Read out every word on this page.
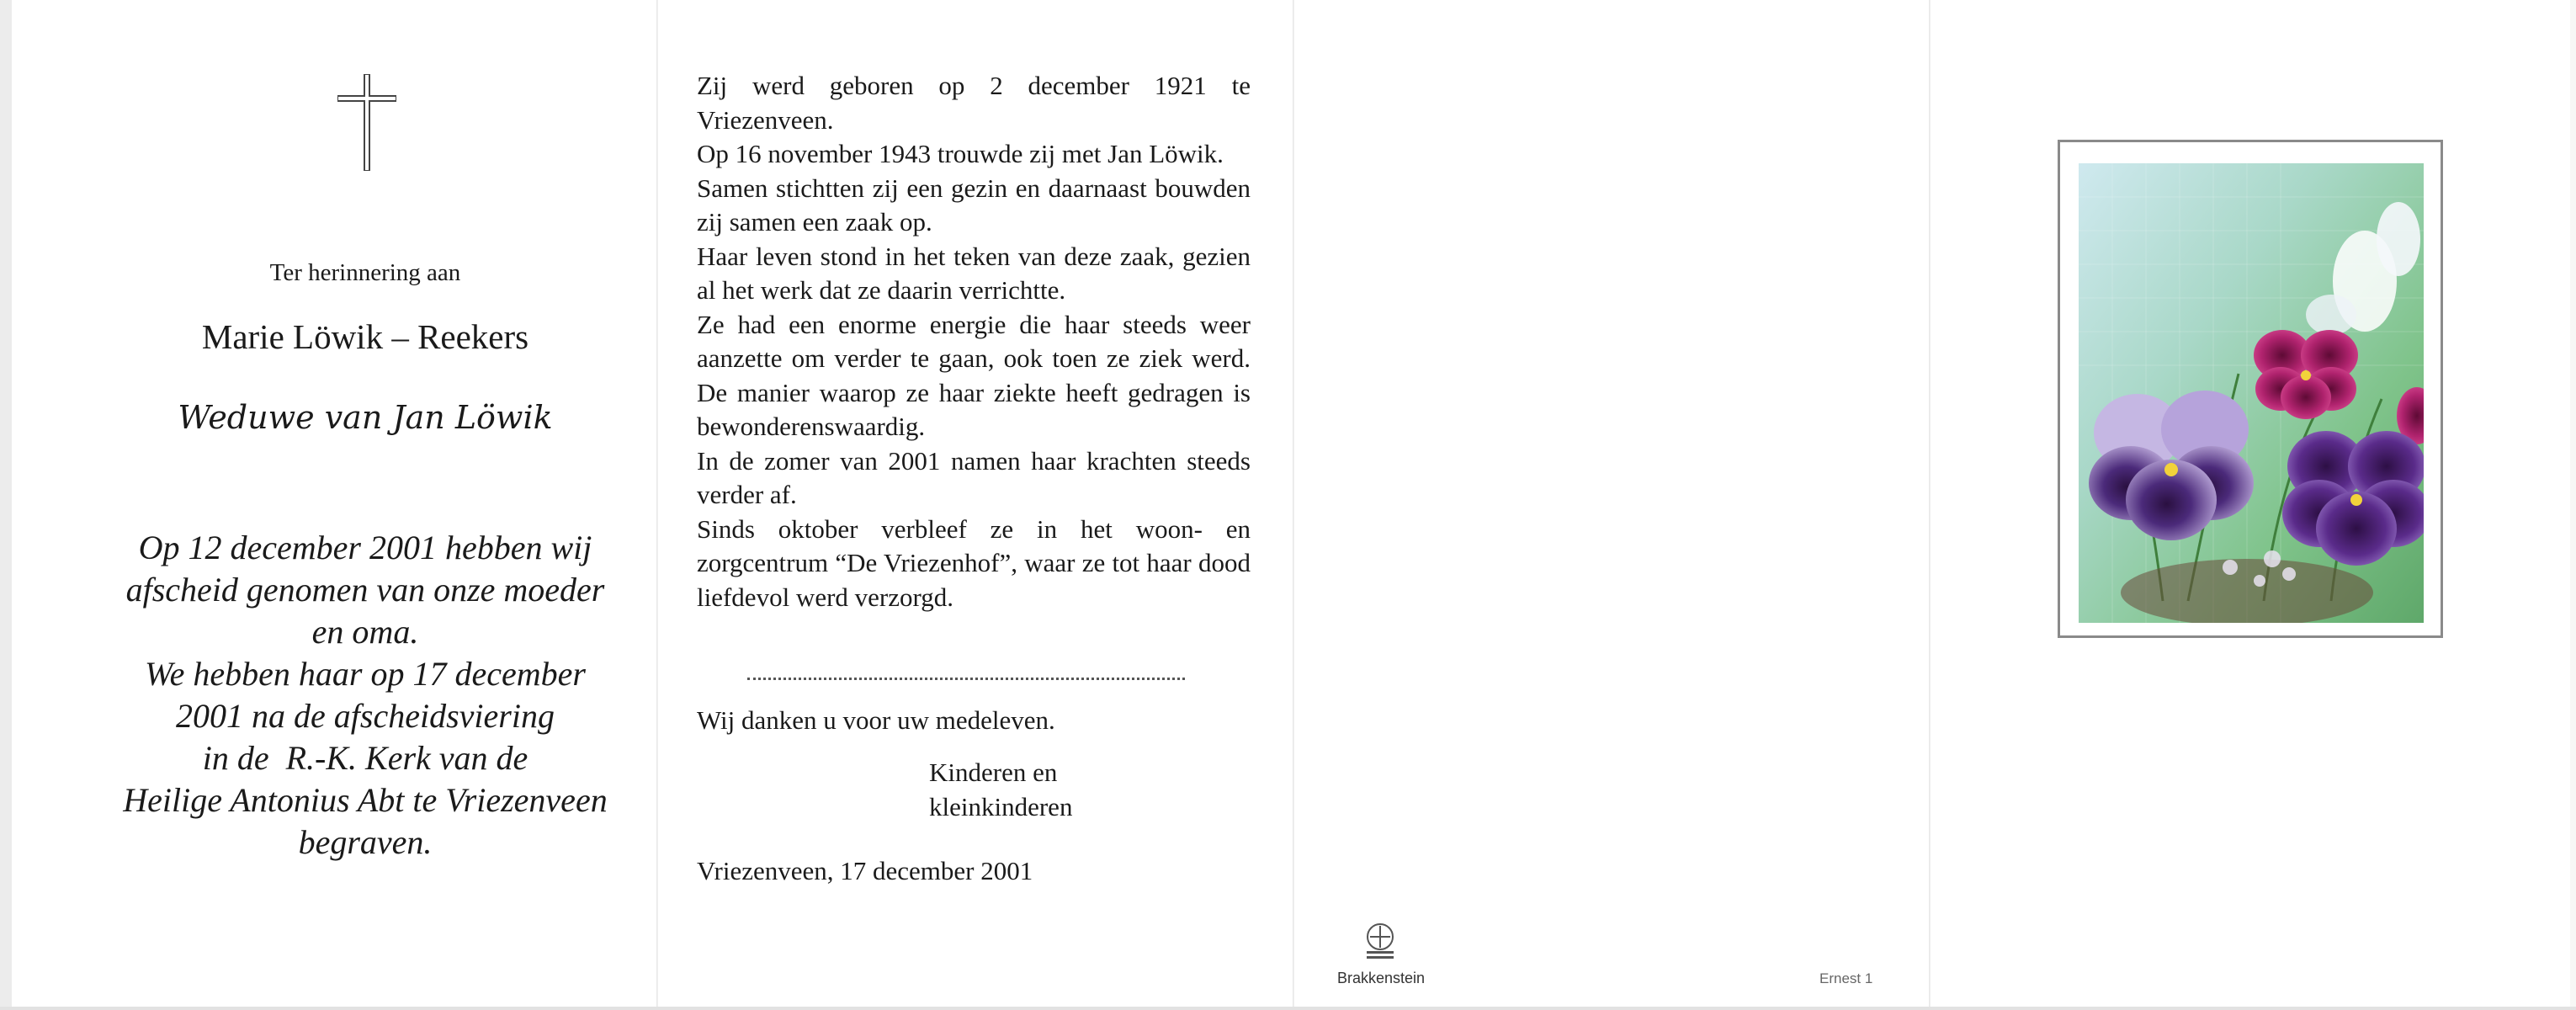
Ter herinnering aan
Marie Löwik – Reekers
Weduwe van Jan Löwik
Op 12 december 2001 hebben wij
afscheid genomen van onze moeder
en oma.
We hebben haar op 17 december
2001 na de afscheidsviering
in de  R.-K. Kerk van de
Heilige Antonius Abt te Vriezenveen
begraven.

Zij werd geboren op 2 december 1921 te Vriezenveen.

Op 16 november 1943 trouwde zij met Jan Löwik.

Samen stichtten zij een gezin en daarnaast bouwden zij samen een zaak op.

Haar leven stond in het teken van deze zaak, gezien al het werk dat ze daarin verrichtte.

Ze had een enorme energie die haar steeds weer aanzette om verder te gaan, ook toen ze ziek werd. De manier waarop ze haar ziekte heeft gedragen is bewonderenswaardig.

In de zomer van 2001 namen haar krachten steeds verder af.

Sinds oktober verbleef ze in het woon- en zorgcentrum “De Vriezenhof”, waar ze tot haar dood liefdevol werd verzorgd.

Wij danken u voor uw medeleven.
Kinderen en
kleinkinderen
Vriezenveen, 17 december 2001
Brakkenstein	Ernest 1
